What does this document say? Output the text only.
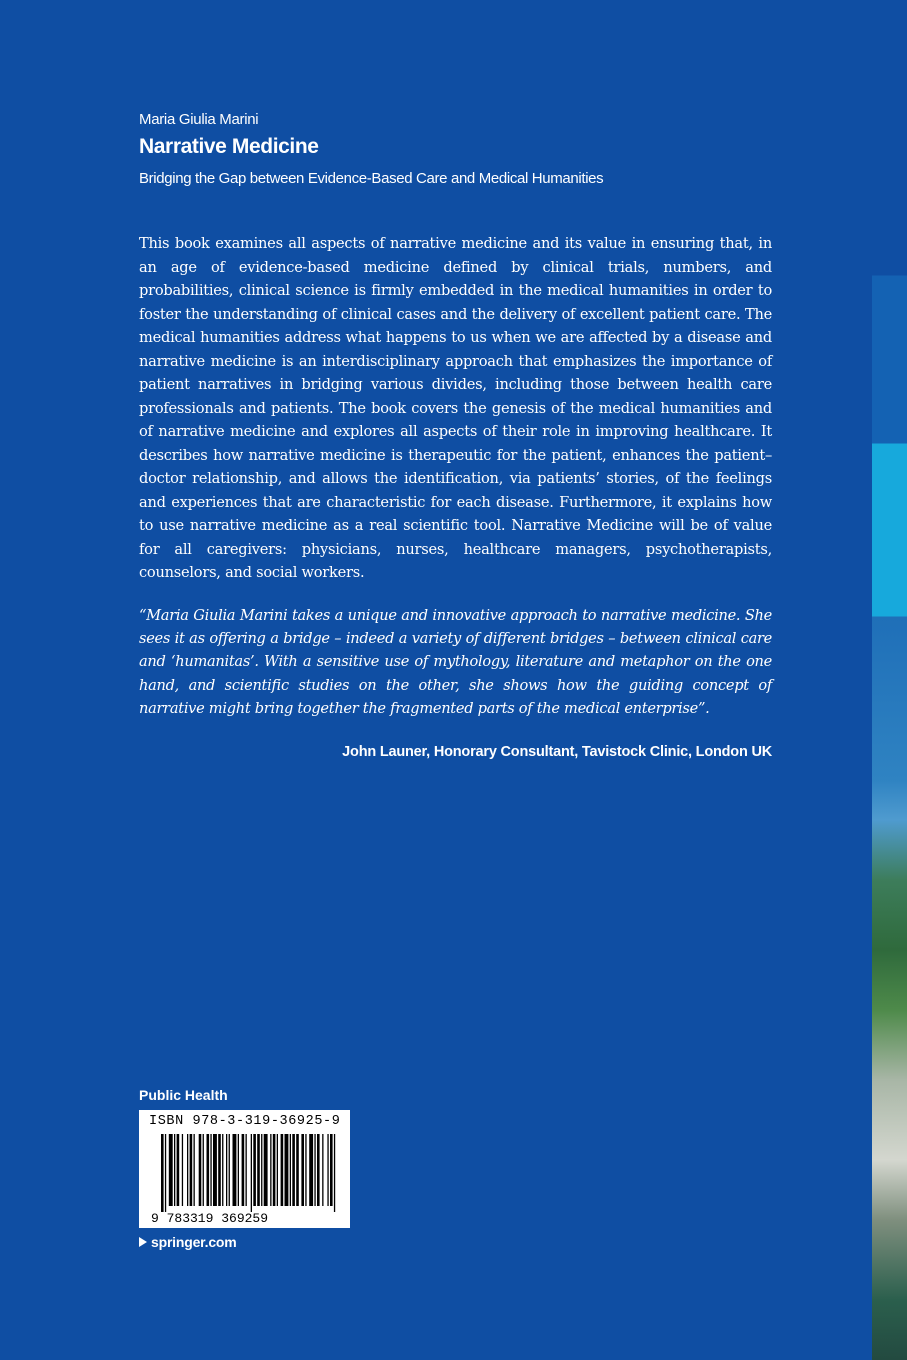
Maria Giulia Marini
Narrative Medicine
Bridging the Gap between Evidence-Based Care and Medical Humanities

This book examines all aspects of narrative medicine and its value in ensuring that, in an age of evidence-based medicine defined by clinical trials, numbers, and probabilities, clinical science is firmly embedded in the medical humanities in order to foster the understanding of clinical cases and the delivery of excellent patient care. The medical humanities address what happens to us when we are affected by a disease and narrative medicine is an interdisciplinary approach that emphasizes the importance of patient narratives in bridging various divides, including those between health care professionals and patients. The book covers the genesis of the medical humanities and of narrative medicine and explores all aspects of their role in improving healthcare. It describes how narrative medicine is therapeutic for the patient, enhances the patient–doctor relationship, and allows the identification, via patients’ stories, of the feelings and experiences that are characteristic for each disease. Furthermore, it explains how to use narrative medicine as a real scientific tool. Narrative Medicine will be of value for all caregivers: physicians, nurses, healthcare managers, psychotherapists, counselors, and social workers.

“Maria Giulia Marini takes a unique and innovative approach to narrative medicine. She sees it as offering a bridge – indeed a variety of different bridges – between clinical care and ‘humanitas’. With a sensitive use of mythology, literature and metaphor on the one hand, and scientific studies on the other, she shows how the guiding concept of narrative might bring together the fragmented parts of the medical enterprise”.

John Launer, Honorary Consultant, Tavistock Clinic, London UK
Public Health
ISBN 978-3-319-36925-9
9 783319 369259
springer.com
